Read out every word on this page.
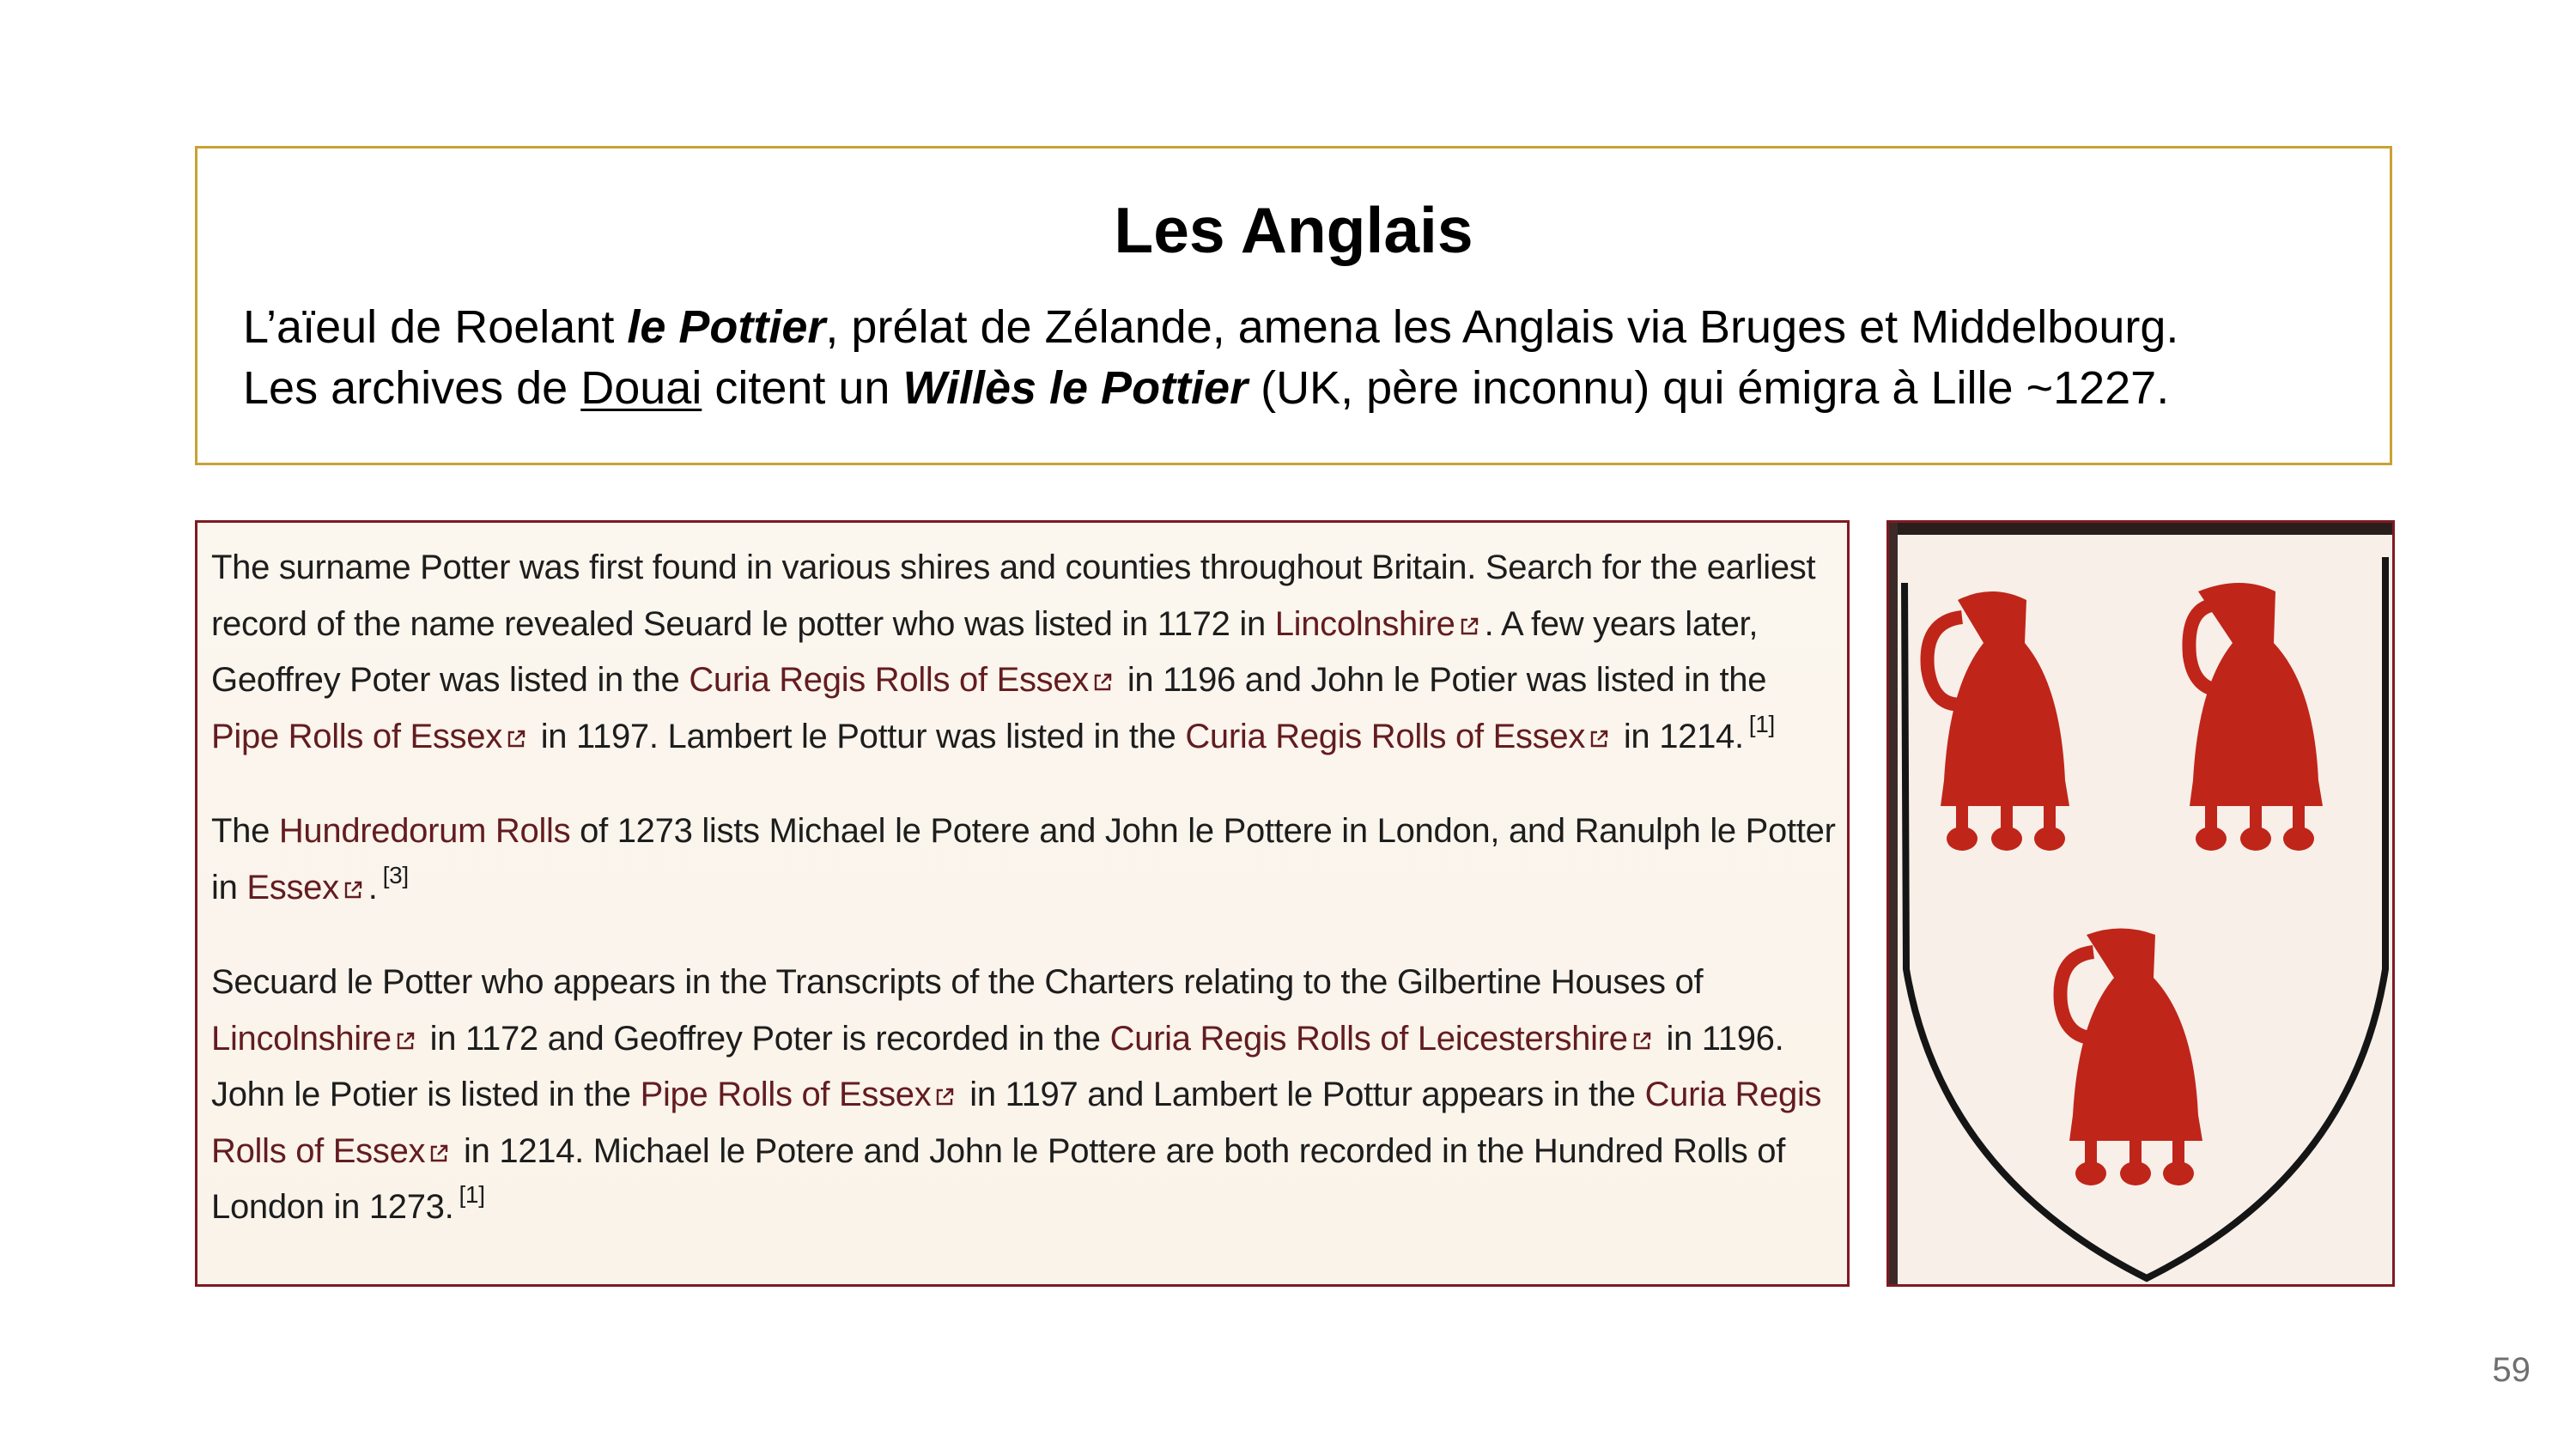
Les Anglais
L’aïeul de Roelant le Pottier, prélat de Zélande, amena les Anglais via Bruges et Middelbourg.
Les archives de Douai citent un Willès le Pottier (UK, père inconnu) qui émigra à Lille ~1227.

The surname Potter was first found in various shires and counties throughout Britain. Search for the earliest record of the name revealed Seuard le potter who was listed in 1172 in Lincolnshire . A few years later, Geoffrey Poter was listed in the Curia Regis Rolls of Essex in 1196 and John le Potier was listed in the Pipe Rolls of Essex in 1197. Lambert le Pottur was listed in the Curia Regis Rolls of Essex in 1214. [1]

The Hundredorum Rolls of 1273 lists Michael le Potere and John le Pottere in London, and Ranulph le Potter in Essex . [3]

Secuard le Potter who appears in the Transcripts of the Charters relating to the Gilbertine Houses of Lincolnshire in 1172 and Geoffrey Poter is recorded in the Curia Regis Rolls of Leicestershire in 1196. John le Potier is listed in the Pipe Rolls of Essex in 1197 and Lambert le Pottur appears in the Curia Regis Rolls of Essex in 1214. Michael le Potere and John le Pottere are both recorded in the Hundred Rolls of London in 1273. [1]

59
